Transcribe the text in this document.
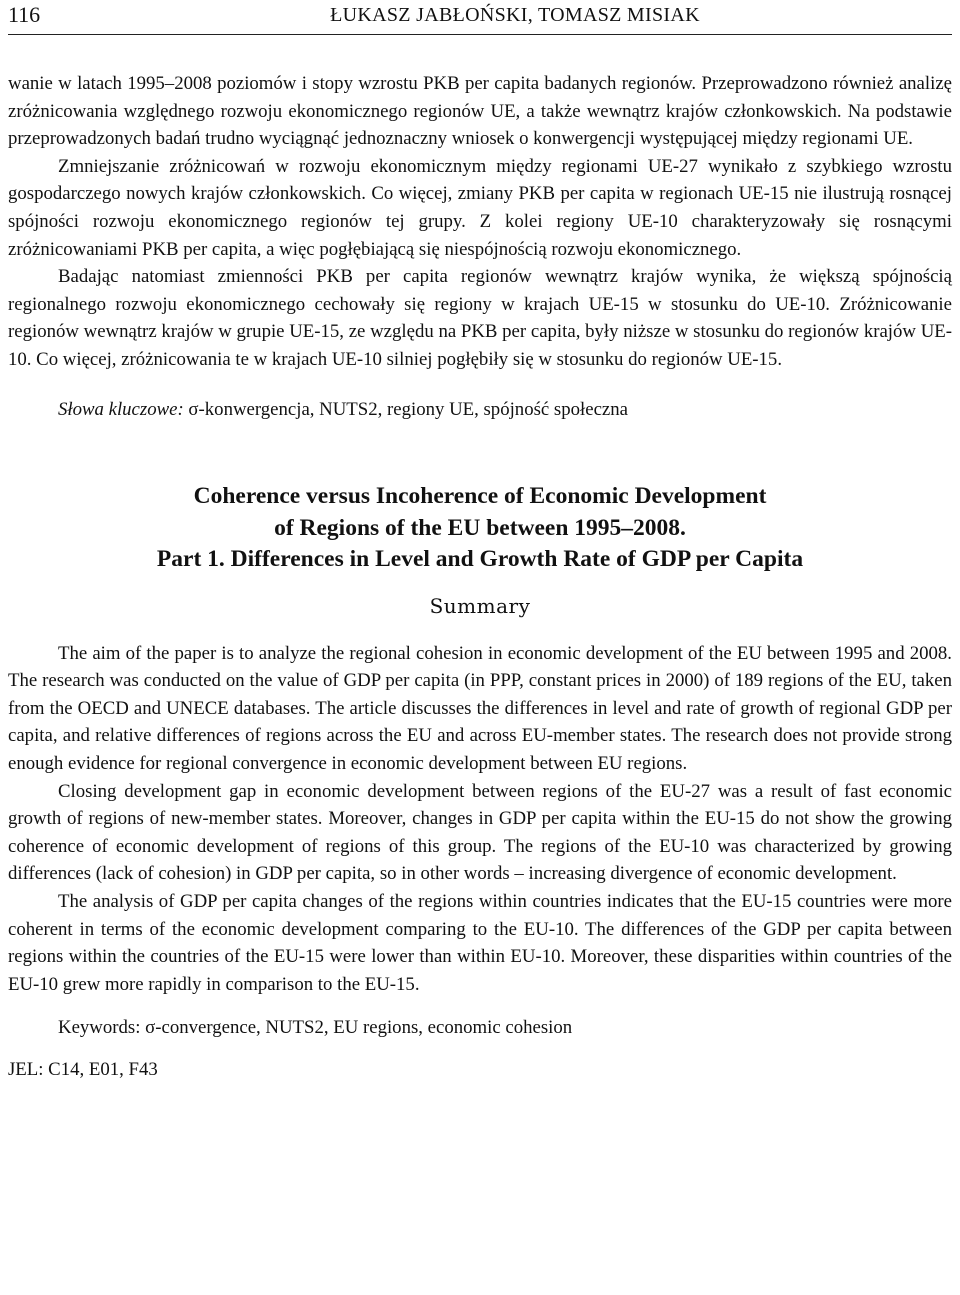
116	ŁUKASZ JABŁOŃSKI, TOMASZ MISIAK

wanie w latach 1995–2008 poziomów i stopy wzrostu PKB per capita badanych regionów. Przeprowadzono również analizę zróżnicowania względnego rozwoju ekonomicznego regionów UE, a także wewnątrz krajów członkowskich. Na podstawie przeprowadzonych badań trudno wyciągnąć jednoznaczny wniosek o konwergencji występującej między regionami UE.

Zmniejszanie zróżnicowań w rozwoju ekonomicznym między regionami UE-27 wynikało z szybkiego wzrostu gospodarczego nowych krajów członkowskich. Co więcej, zmiany PKB per capita w regionach UE-15 nie ilustrują rosnącej spójności rozwoju ekonomicznego regionów tej grupy. Z kolei regiony UE-10 charakteryzowały się rosnącymi zróżnicowaniami PKB per capita, a więc pogłębiającą się niespójnością rozwoju ekonomicznego.

Badając natomiast zmienności PKB per capita regionów wewnątrz krajów wynika, że większą spójnością regionalnego rozwoju ekonomicznego cechowały się regiony w krajach UE-15 w stosunku do UE-10. Zróżnicowanie regionów wewnątrz krajów w grupie UE-15, ze względu na PKB per capita, były niższe w stosunku do regionów krajów UE-10. Co więcej, zróżnicowania te w krajach UE-10 silniej pogłębiły się w stosunku do regionów UE-15.

Słowa kluczowe: σ-konwergencja, NUTS2, regiony UE, spójność społeczna
Coherence versus Incoherence of Economic Development
of Regions of the EU between 1995–2008.
Part 1. Differences in Level and Growth Rate of GDP per Capita
Summary

The aim of the paper is to analyze the regional cohesion in economic development of the EU between 1995 and 2008. The research was conducted on the value of GDP per capita (in PPP, constant prices in 2000) of 189 regions of the EU, taken from the OECD and UNECE databases. The article discusses the differences in level and rate of growth of regional GDP per capita, and relative differences of regions across the EU and across EU-member states. The research does not provide strong enough evidence for regional convergence in economic development between EU regions.

Closing development gap in economic development between regions of the EU-27 was a result of fast economic growth of regions of new-member states. Moreover, changes in GDP per capita within the EU-15 do not show the growing coherence of economic development of regions of this group. The regions of the EU-10 was characterized by growing differences (lack of cohesion) in GDP per capita, so in other words – increasing divergence of economic development.

The analysis of GDP per capita changes of the regions within countries indicates that the EU-15 countries were more coherent in terms of the economic development comparing to the EU-10. The differences of the GDP per capita between regions within the countries of the EU-15 were lower than within EU-10. Moreover, these disparities within countries of the EU-10 grew more rapidly in comparison to the EU-15.

Keywords: σ-convergence, NUTS2, EU regions, economic cohesion
JEL: C14, E01, F43
